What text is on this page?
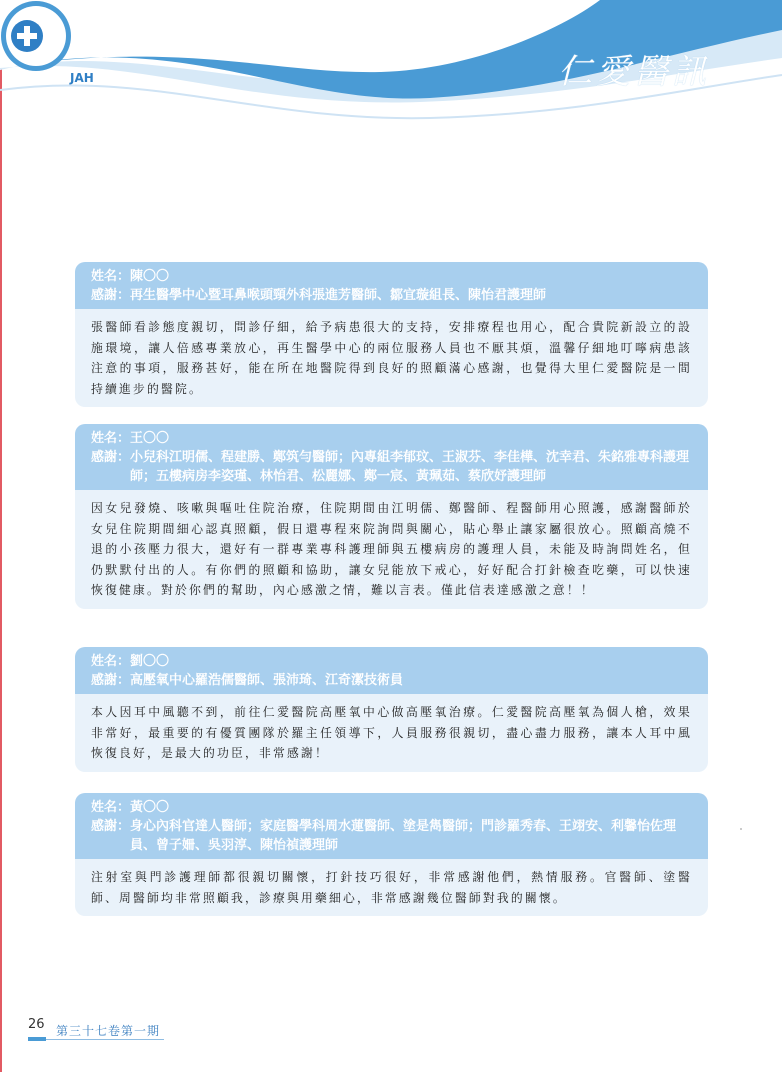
JAH	仁愛醫訊
姓名： 陳〇〇
感謝： 再生醫學中心暨耳鼻喉頭頸外科張進芳醫師、鄒宜璇組長、陳怡君護理師
張醫師看診態度親切，問診仔細，給予病患很大的支持，安排療程也用心，配合貴院新設立的設施環境，讓人倍感專業放心，再生醫學中心的兩位服務人員也不厭其煩，溫馨仔細地叮嚀病患該注意的事項，服務甚好，能在所在地醫院得到良好的照顧滿心感謝，也覺得大里仁愛醫院是一間持續進步的醫院。
姓名： 王〇〇
感謝： 小兒科江明儒、程建勝、鄭筑勻醫師；內專組李郁玟、王淑芬、李佳樺、沈幸君、朱銘雅專科護理師；五樓病房李姿瑾、林怡君、松麗娜、鄭一宸、黃珮茹、蔡欣妤護理師
因女兒發燒、咳嗽與嘔吐住院治療，住院期間由江明儒、鄭醫師、程醫師用心照護，感謝醫師於女兒住院期間細心認真照顧，假日還專程來院詢問與關心，貼心舉止讓家屬很放心。照顧高燒不退的小孩壓力很大，還好有一群專業專科護理師與五樓病房的護理人員，未能及時詢問姓名，但仍默默付出的人。有你們的照顧和協助，讓女兒能放下戒心，好好配合打針檢查吃藥，可以快速恢復健康。對於你們的幫助，內心感激之情，難以言表。僅此信表達感激之意！！
姓名： 劉〇〇
感謝： 高壓氧中心羅浩儒醫師、張沛琦、江奇潔技術員
本人因耳中風聽不到，前往仁愛醫院高壓氧中心做高壓氧治療。仁愛醫院高壓氧為個人槍，效果非常好，最重要的有優質團隊於羅主任領導下，人員服務很親切，盡心盡力服務，讓本人耳中風恢復良好，是最大的功臣，非常感謝！
姓名： 黃〇〇
感謝： 身心內科官達人醫師；家庭醫學科周水蓮醫師、塗是雋醫師；門診羅秀春、王翊安、利馨怡佐理員、曾子姍、吳羽淳、陳怡禎護理師
注射室與門診護理師都很親切關懷，打針技巧很好，非常感謝他們，熱情服務。官醫師、塗醫師、周醫師均非常照顧我，診療與用藥細心，非常感謝幾位醫師對我的關懷。
26 第三十七卷第一期
